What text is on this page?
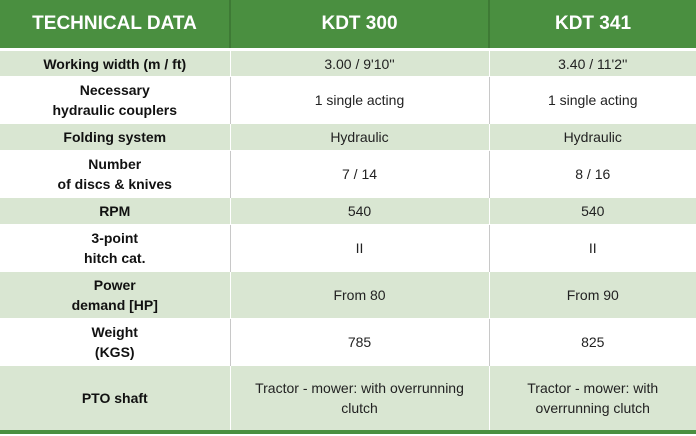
TECHNICAL DATA	KDT 300	KDT 341
Working width (m / ft)	3.00 / 9'10''	3.40 / 11'2''
Necessary
hydraulic couplers	1 single acting	1 single acting
Folding system	Hydraulic	Hydraulic
Number
of discs & knives	7 / 14	8 / 16
RPM	540	540
3-point
hitch cat.	II	II
Power
demand [HP]	From 80	From 90
Weight
(KGS)	785	825
PTO shaft	Tractor - mower: with overrunning clutch	Tractor - mower: with overrunning clutch
